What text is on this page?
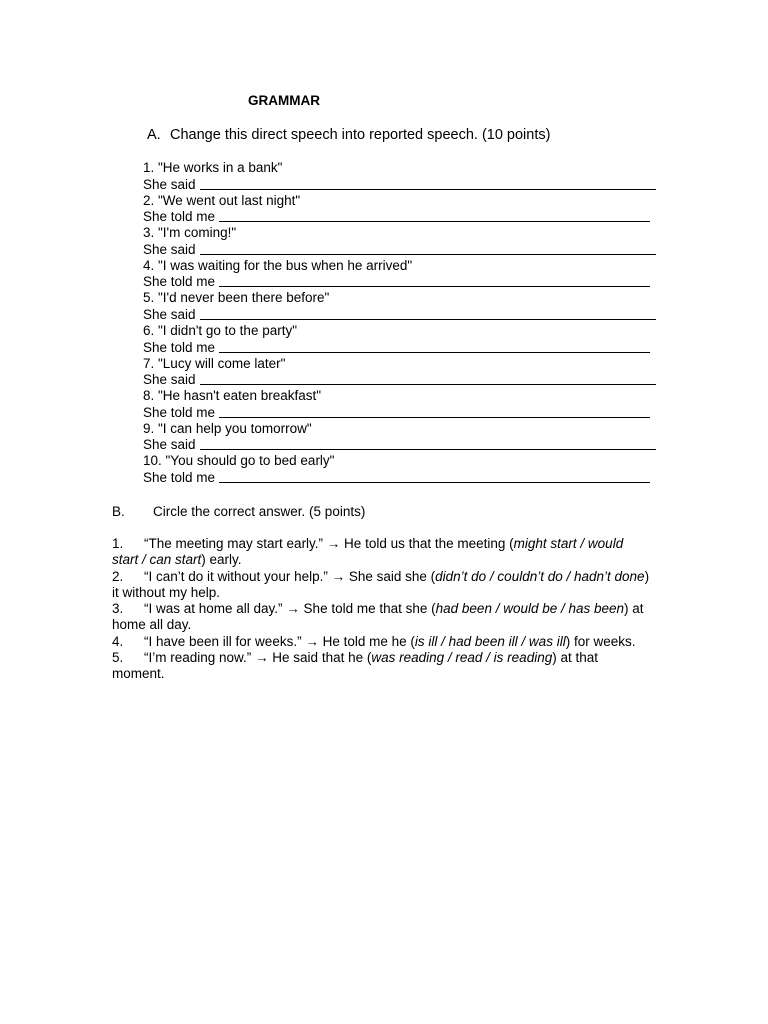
GRAMMAR
A. Change this direct speech into reported speech. (10 points)
1. "He works in a bank"
She said
2. "We went out last night"
She told me
3. "I'm coming!"
She said
4. "I was waiting for the bus when he arrived"
She told me
5. "I'd never been there before"
She said
6. "I didn't go to the party"
She told me
7. "Lucy will come later"
She said
8. "He hasn't eaten breakfast"
She told me
9. "I can help you tomorrow"
She said
10. "You should go to bed early"
She told me
B. Circle the correct answer. (5 points)
1. “The meeting may start early.” → He told us that the meeting (might start / would start / can start) early.
2. “I can’t do it without your help.” → She said she (didn’t do / couldn’t do / hadn’t done) it without my help.
3. “I was at home all day.” → She told me that she (had been / would be / has been) at home all day.
4. “I have been ill for weeks.” → He told me he (is ill / had been ill / was ill) for weeks.
5. “I’m reading now.” → He said that he (was reading / read / is reading) at that moment.
